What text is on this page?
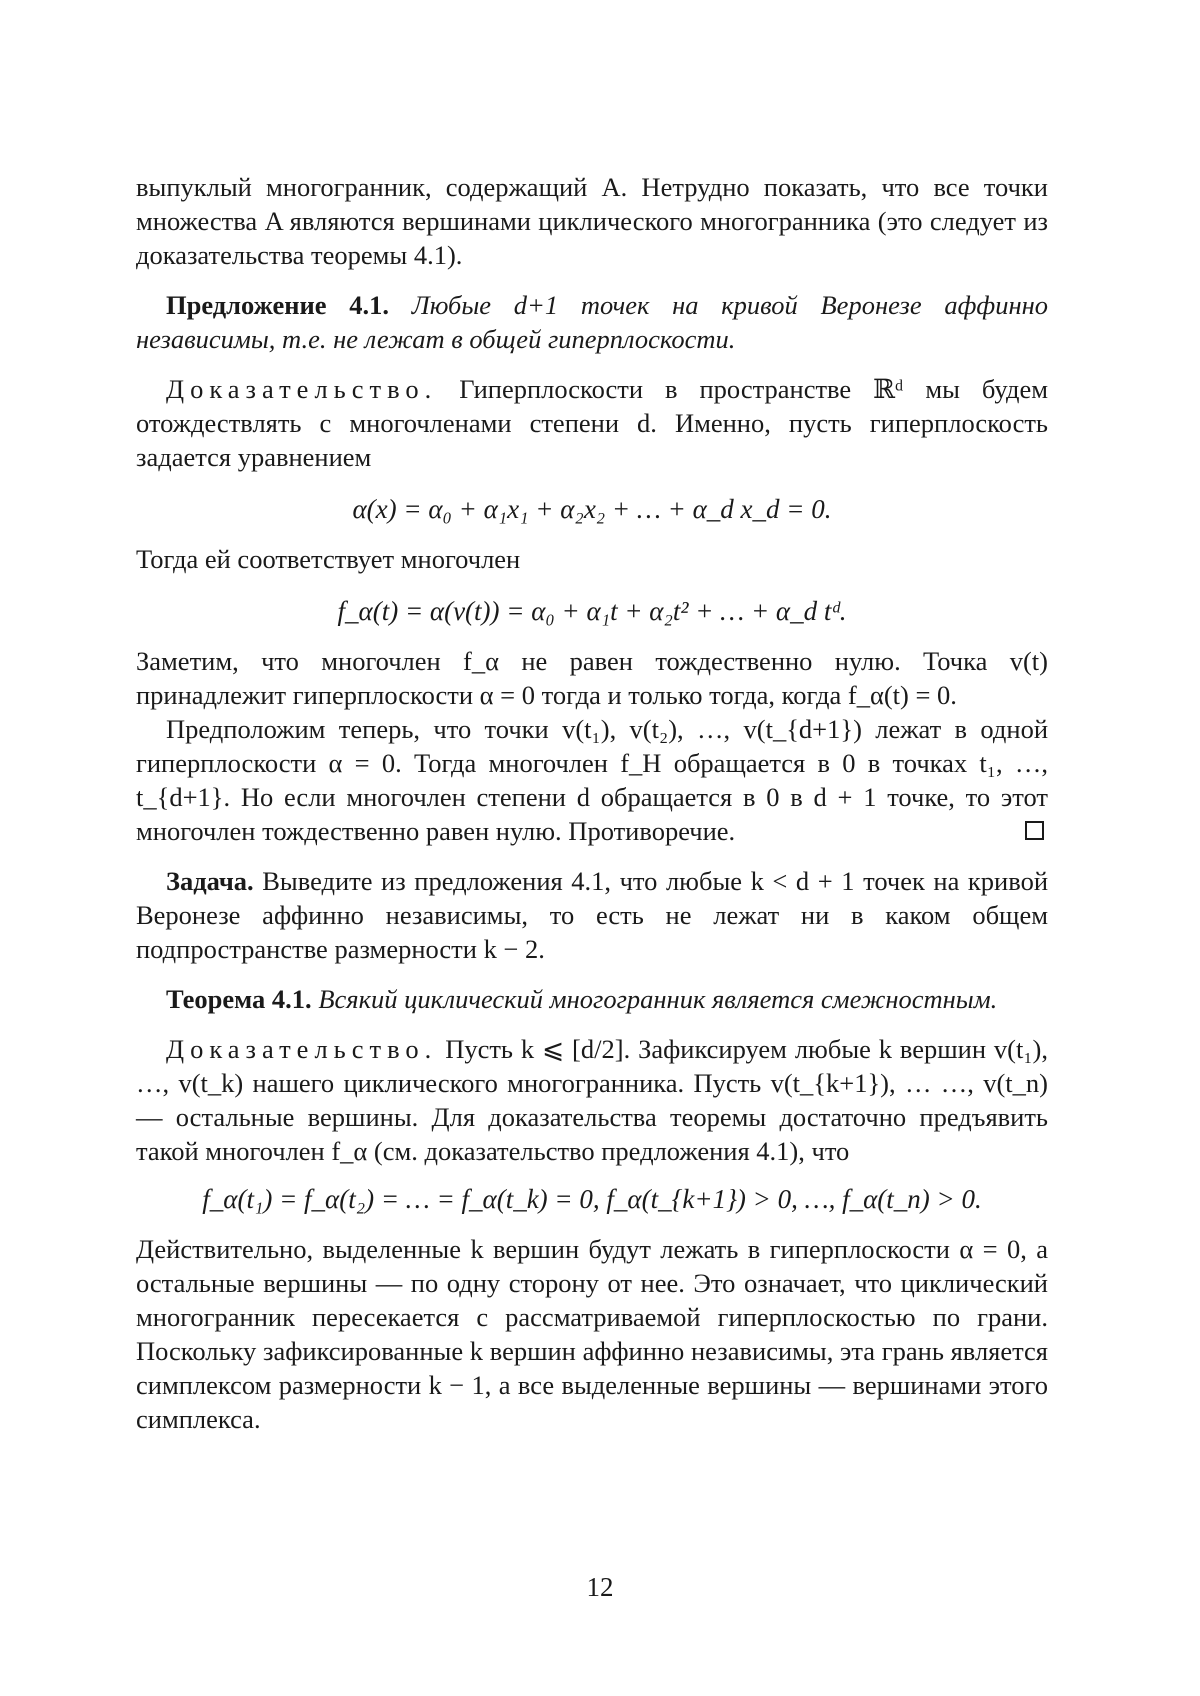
выпуклый многогранник, содержащий A. Нетрудно показать, что все точки множества A являются вершинами циклического многогранника (это следует из доказательства теоремы 4.1).

Предложение 4.1. Любые d+1 точек на кривой Веронезе аффинно независимы, т.е. не лежат в общей гиперплоскости.

Доказательство. Гиперплоскости в пространстве ℝᵈ мы будем отождествлять с многочленами степени d. Именно, пусть гиперплоскость задается уравнением

α(x) = α₀ + α₁x₁ + α₂x₂ + … + α_d x_d = 0.

Тогда ей соответствует многочлен

f_α(t) = α(v(t)) = α₀ + α₁t + α₂t² + … + α_d tᵈ.

Заметим, что многочлен f_α не равен тождественно нулю. Точка v(t) принадлежит гиперплоскости α = 0 тогда и только тогда, когда f_α(t) = 0.

Предположим теперь, что точки v(t₁), v(t₂), …, v(t_{d+1}) лежат в одной гиперплоскости α = 0. Тогда многочлен f_H обращается в 0 в точках t₁, …, t_{d+1}. Но если многочлен степени d обращается в 0 в d + 1 точке, то этот многочлен тождественно равен нулю. Противоречие.

Задача. Выведите из предложения 4.1, что любые k < d + 1 точек на кривой Веронезе аффинно независимы, то есть не лежат ни в каком общем подпространстве размерности k − 2.

Теорема 4.1. Всякий циклический многогранник является смежностным.

Доказательство. Пусть k ⩽ [d/2]. Зафиксируем любые k вершин v(t₁), …, v(t_k) нашего циклического многогранника. Пусть v(t_{k+1}), … …, v(t_n) — остальные вершины. Для доказательства теоремы достаточно предъявить такой многочлен f_α (см. доказательство предложения 4.1), что

f_α(t₁) = f_α(t₂) = … = f_α(t_k) = 0, f_α(t_{k+1}) > 0, …, f_α(t_n) > 0.

Действительно, выделенные k вершин будут лежать в гиперплоскости α = 0, а остальные вершины — по одну сторону от нее. Это означает, что циклический многогранник пересекается с рассматриваемой гиперплоскостью по грани. Поскольку зафиксированные k вершин аффинно независимы, эта грань является симплексом размерности k − 1, а все выделенные вершины — вершинами этого симплекса.

12
